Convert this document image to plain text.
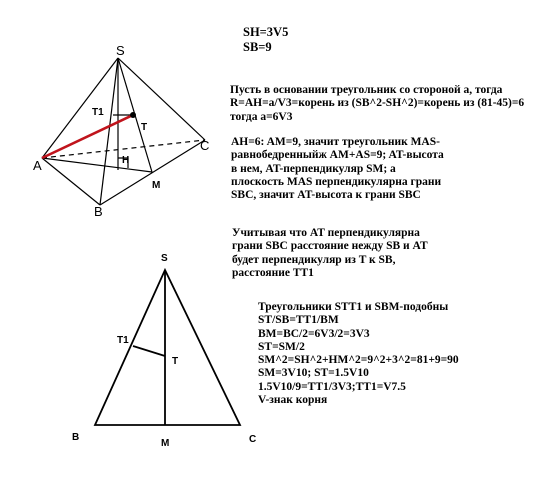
S
A
B
C
H
M
T
T1
S
B	C
M
T
T1
SH=3V5
SB=9
Пусть в основании треугольник со стороной а, тогда
R=AH=a/V3=корень из (SB^2-SH^2)=корень из (81-45)=6
тогда a=6V3
AH=6: AM=9, значит треугольник MAS-
равнобедренныйж AM+AS=9; AT-высота
в нем, AT-перпендикуляр SM; а
плоскость MAS перпендикулярна грани
SBC, значит AT-высота к грани SBC
Учитывая что AT перпендикулярна
грани SBC расстояние нежду SB и AT
будет перпендикуляр из T к SB,
расстояние TT1
Треугольники STT1 и SBM-подобны
ST/SB=TT1/BM
BM=BC/2=6V3/2=3V3
ST=SM/2
SM^2=SH^2+HM^2=9^2+3^2=81+9=90
SM=3V10; ST=1.5V10
1.5V10/9=TT1/3V3;TT1=V7.5
V-знак корня
